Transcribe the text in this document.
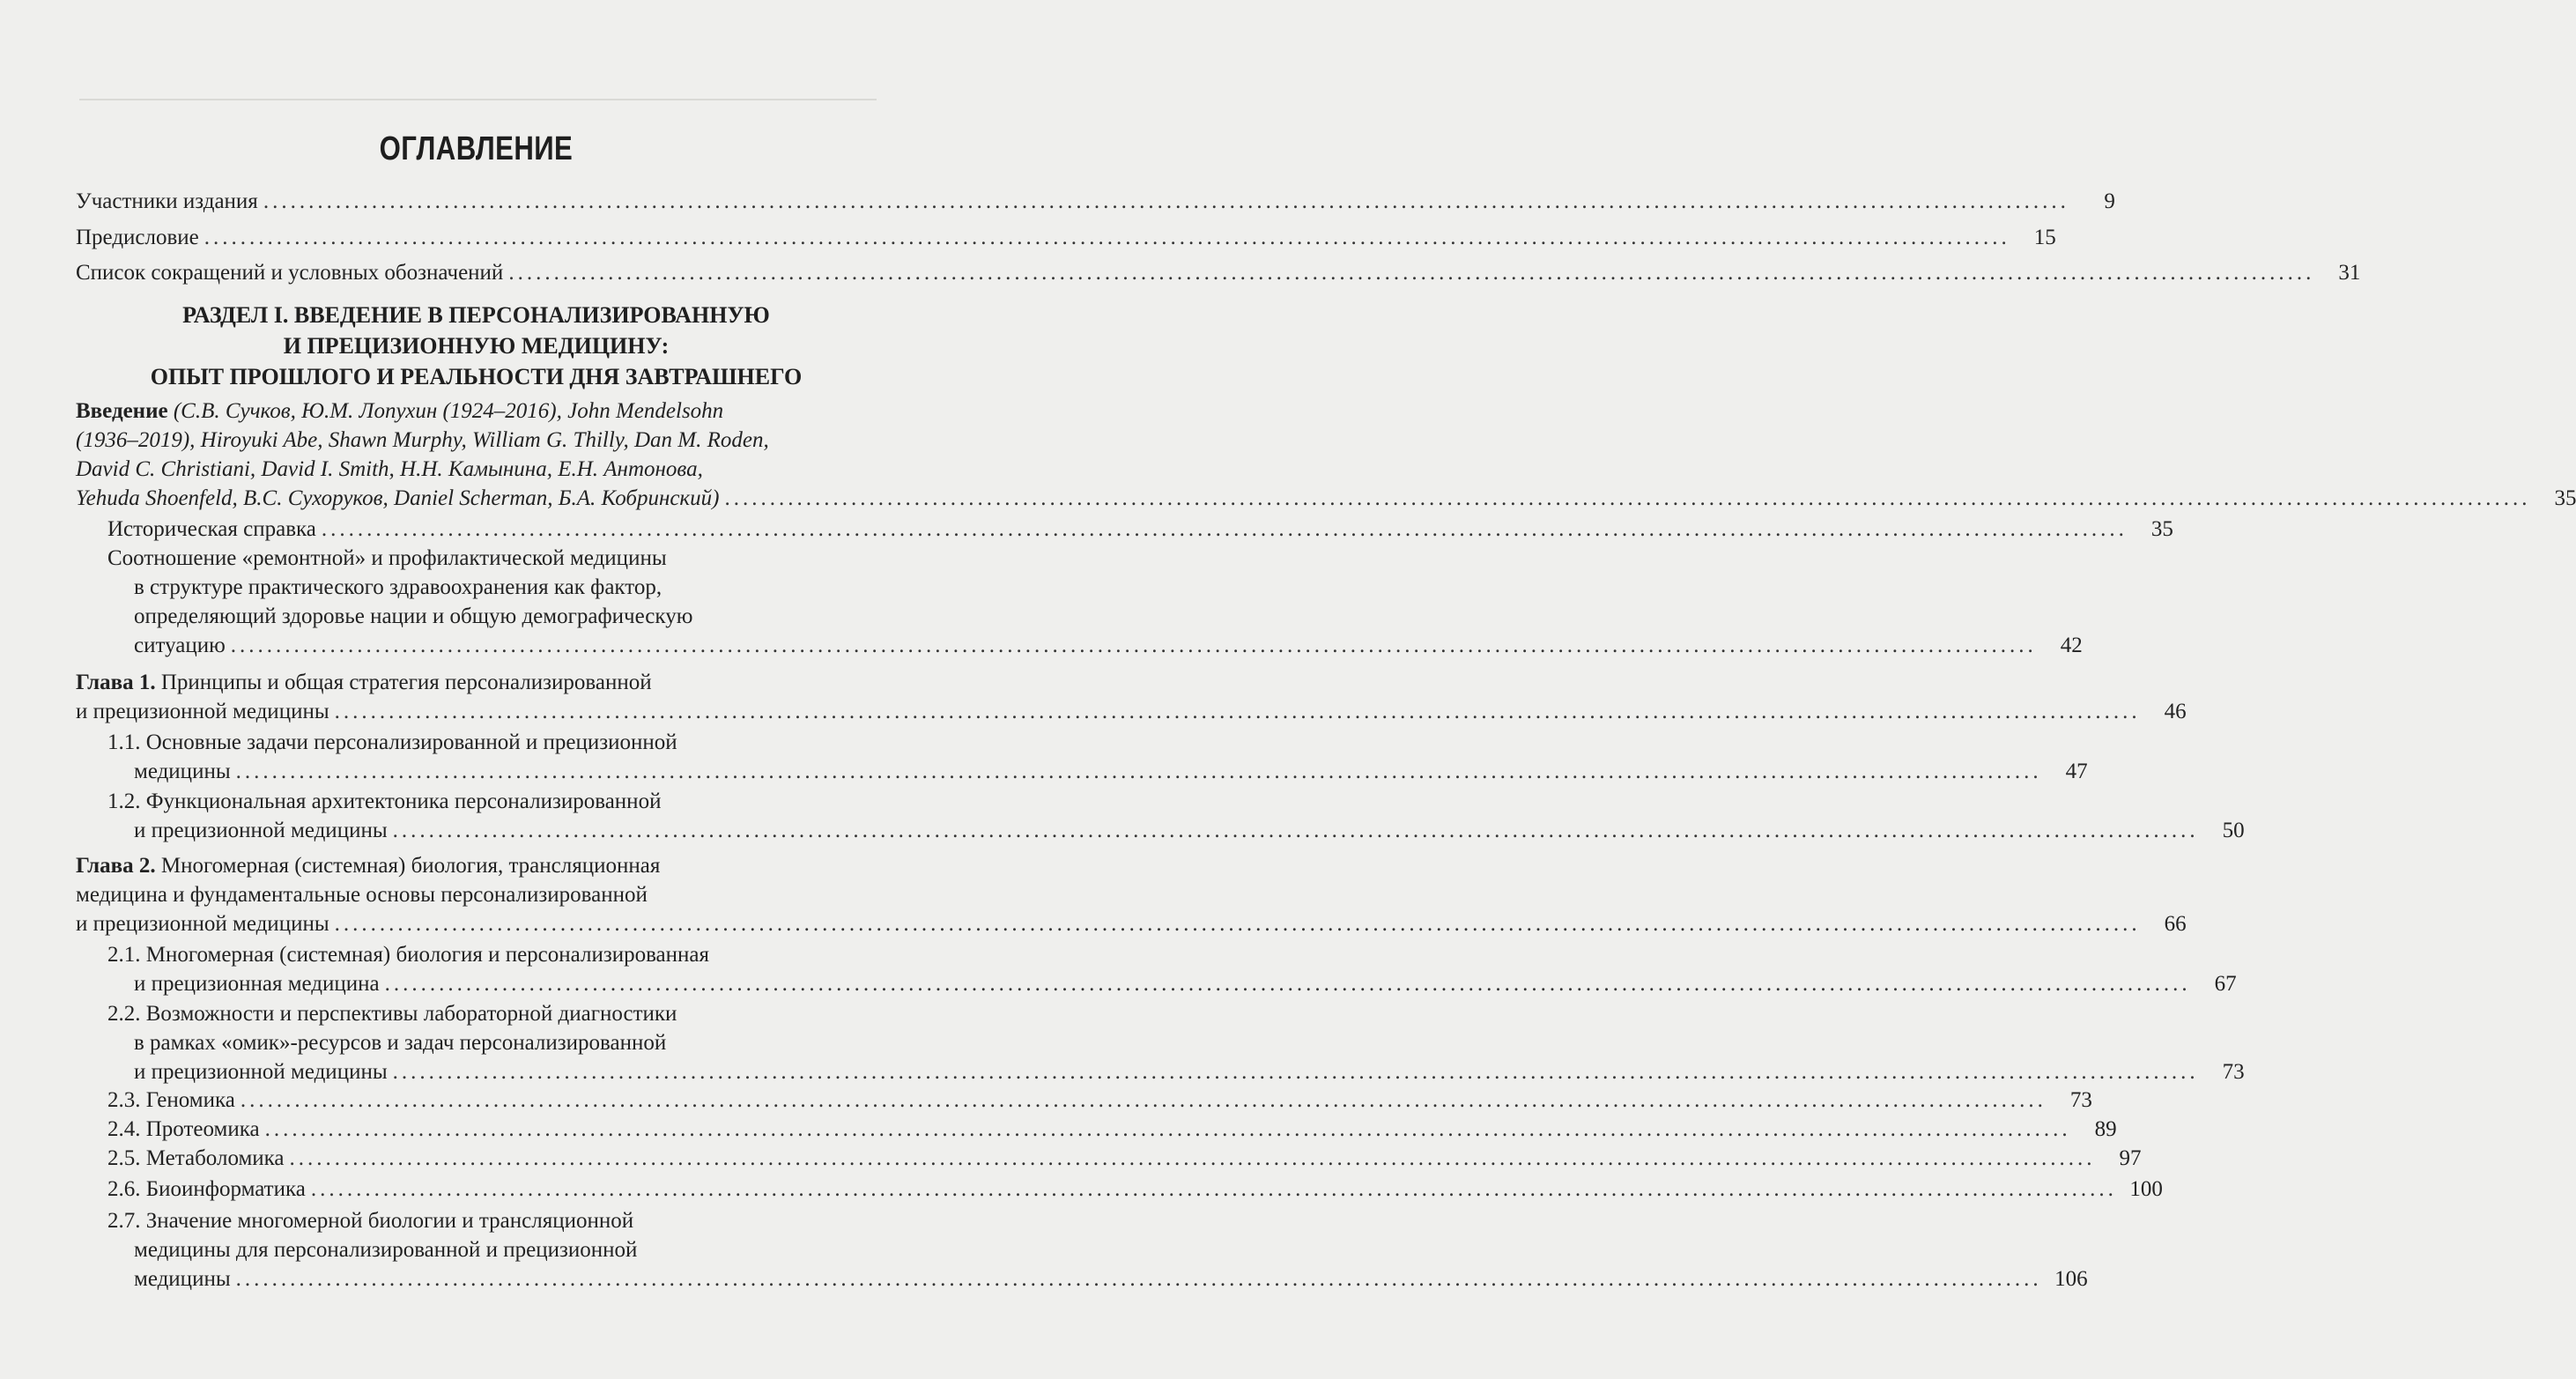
ОГЛАВЛЕНИЕ
Участники издания ........................................................................................................................................................................................................	9
Предисловие ........................................................................................................................................................................................................	15
Список сокращений и условных обозначений ........................................................................................................................................................................................................	31
РАЗДЕЛ I. ВВЕДЕНИЕ В ПЕРСОНАЛИЗИРОВАННУЮ
И ПРЕЦИЗИОННУЮ МЕДИЦИНУ:
ОПЫТ ПРОШЛОГО И РЕАЛЬНОСТИ ДНЯ ЗАВТРАШНЕГО
Введение (С.В. Сучков, Ю.М. Лопухин (1924–2016), John Mendelsohn
(1936–2019), Hiroyuki Abe, Shawn Murphy, William G. Thilly, Dan M. Roden,
David C. Christiani, David I. Smith, Н.Н. Камынина, Е.Н. Антонова,
Yehuda Shoenfeld, В.С. Сухоруков, Daniel Scherman, Б.А. Кобринский) ........................................................................................................................................................................................................	35
Историческая справка ........................................................................................................................................................................................................	35
Соотношение «ремонтной» и профилактической медицины
в структуре практического здравоохранения как фактор,
определяющий здоровье нации и общую демографическую
ситуацию ........................................................................................................................................................................................................	42
Глава 1. Принципы и общая стратегия персонализированной
и прецизионной медицины ........................................................................................................................................................................................................	46
1.1. Основные задачи персонализированной и прецизионной
медицины ........................................................................................................................................................................................................	47
1.2. Функциональная архитектоника персонализированной
и прецизионной медицины ........................................................................................................................................................................................................	50
Глава 2. Многомерная (системная) биология, трансляционная
медицина и фундаментальные основы персонализированной
и прецизионной медицины ........................................................................................................................................................................................................	66
2.1. Многомерная (системная) биология и персонализированная
и прецизионная медицина ........................................................................................................................................................................................................	67
2.2. Возможности и перспективы лабораторной диагностики
в рамках «омик»-ресурсов и задач персонализированной
и прецизионной медицины ........................................................................................................................................................................................................	73
2.3. Геномика ........................................................................................................................................................................................................	73
2.4. Протеомика ........................................................................................................................................................................................................	89
2.5. Метаболомика ........................................................................................................................................................................................................	97
2.6. Биоинформатика ........................................................................................................................................................................................................ 100
2.7. Значение многомерной биологии и трансляционной
медицины для персонализированной и прецизионной
медицины ........................................................................................................................................................................................................ 106
